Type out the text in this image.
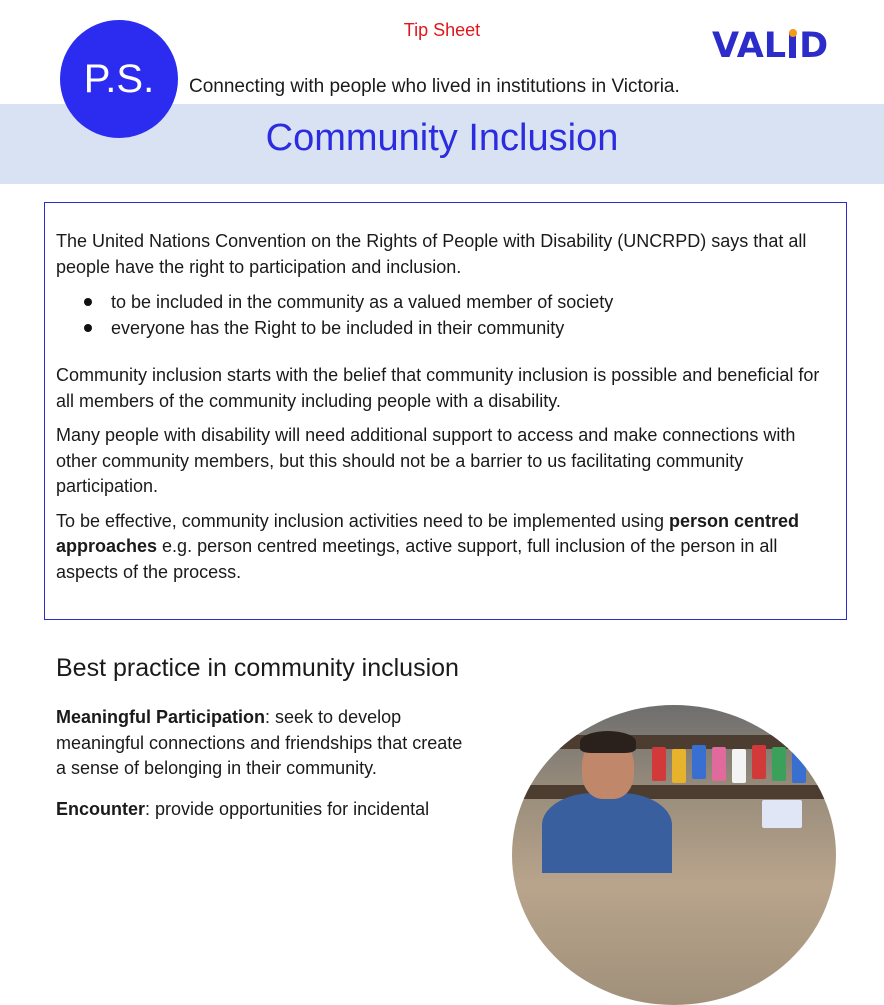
Tip Sheet	VAL D
Community Inclusion
P.S. Connecting with people who lived in institutions in Victoria.

The United Nations Convention on the Rights of People with Disability (UNCRPD) says that all people have the right to participation and inclusion.

to be included in the community as a valued member of society
everyone has the Right to be included in their community

Community inclusion starts with the belief that community inclusion is possible and beneficial for all members of the community including people with a disability.

Many people with disability will need additional support to access and make connections with other community members, but this should not be a barrier to us facilitating community participation.

To be effective, community inclusion activities need to be implemented using person centred approaches e.g. person centred meetings, active support, full inclusion of the person in all aspects of the process.

Best practice in community inclusion
Meaningful Participation: seek to develop meaningful connections and friendships that create a sense of belonging in their community.
Encounter: provide opportunities for incidental
